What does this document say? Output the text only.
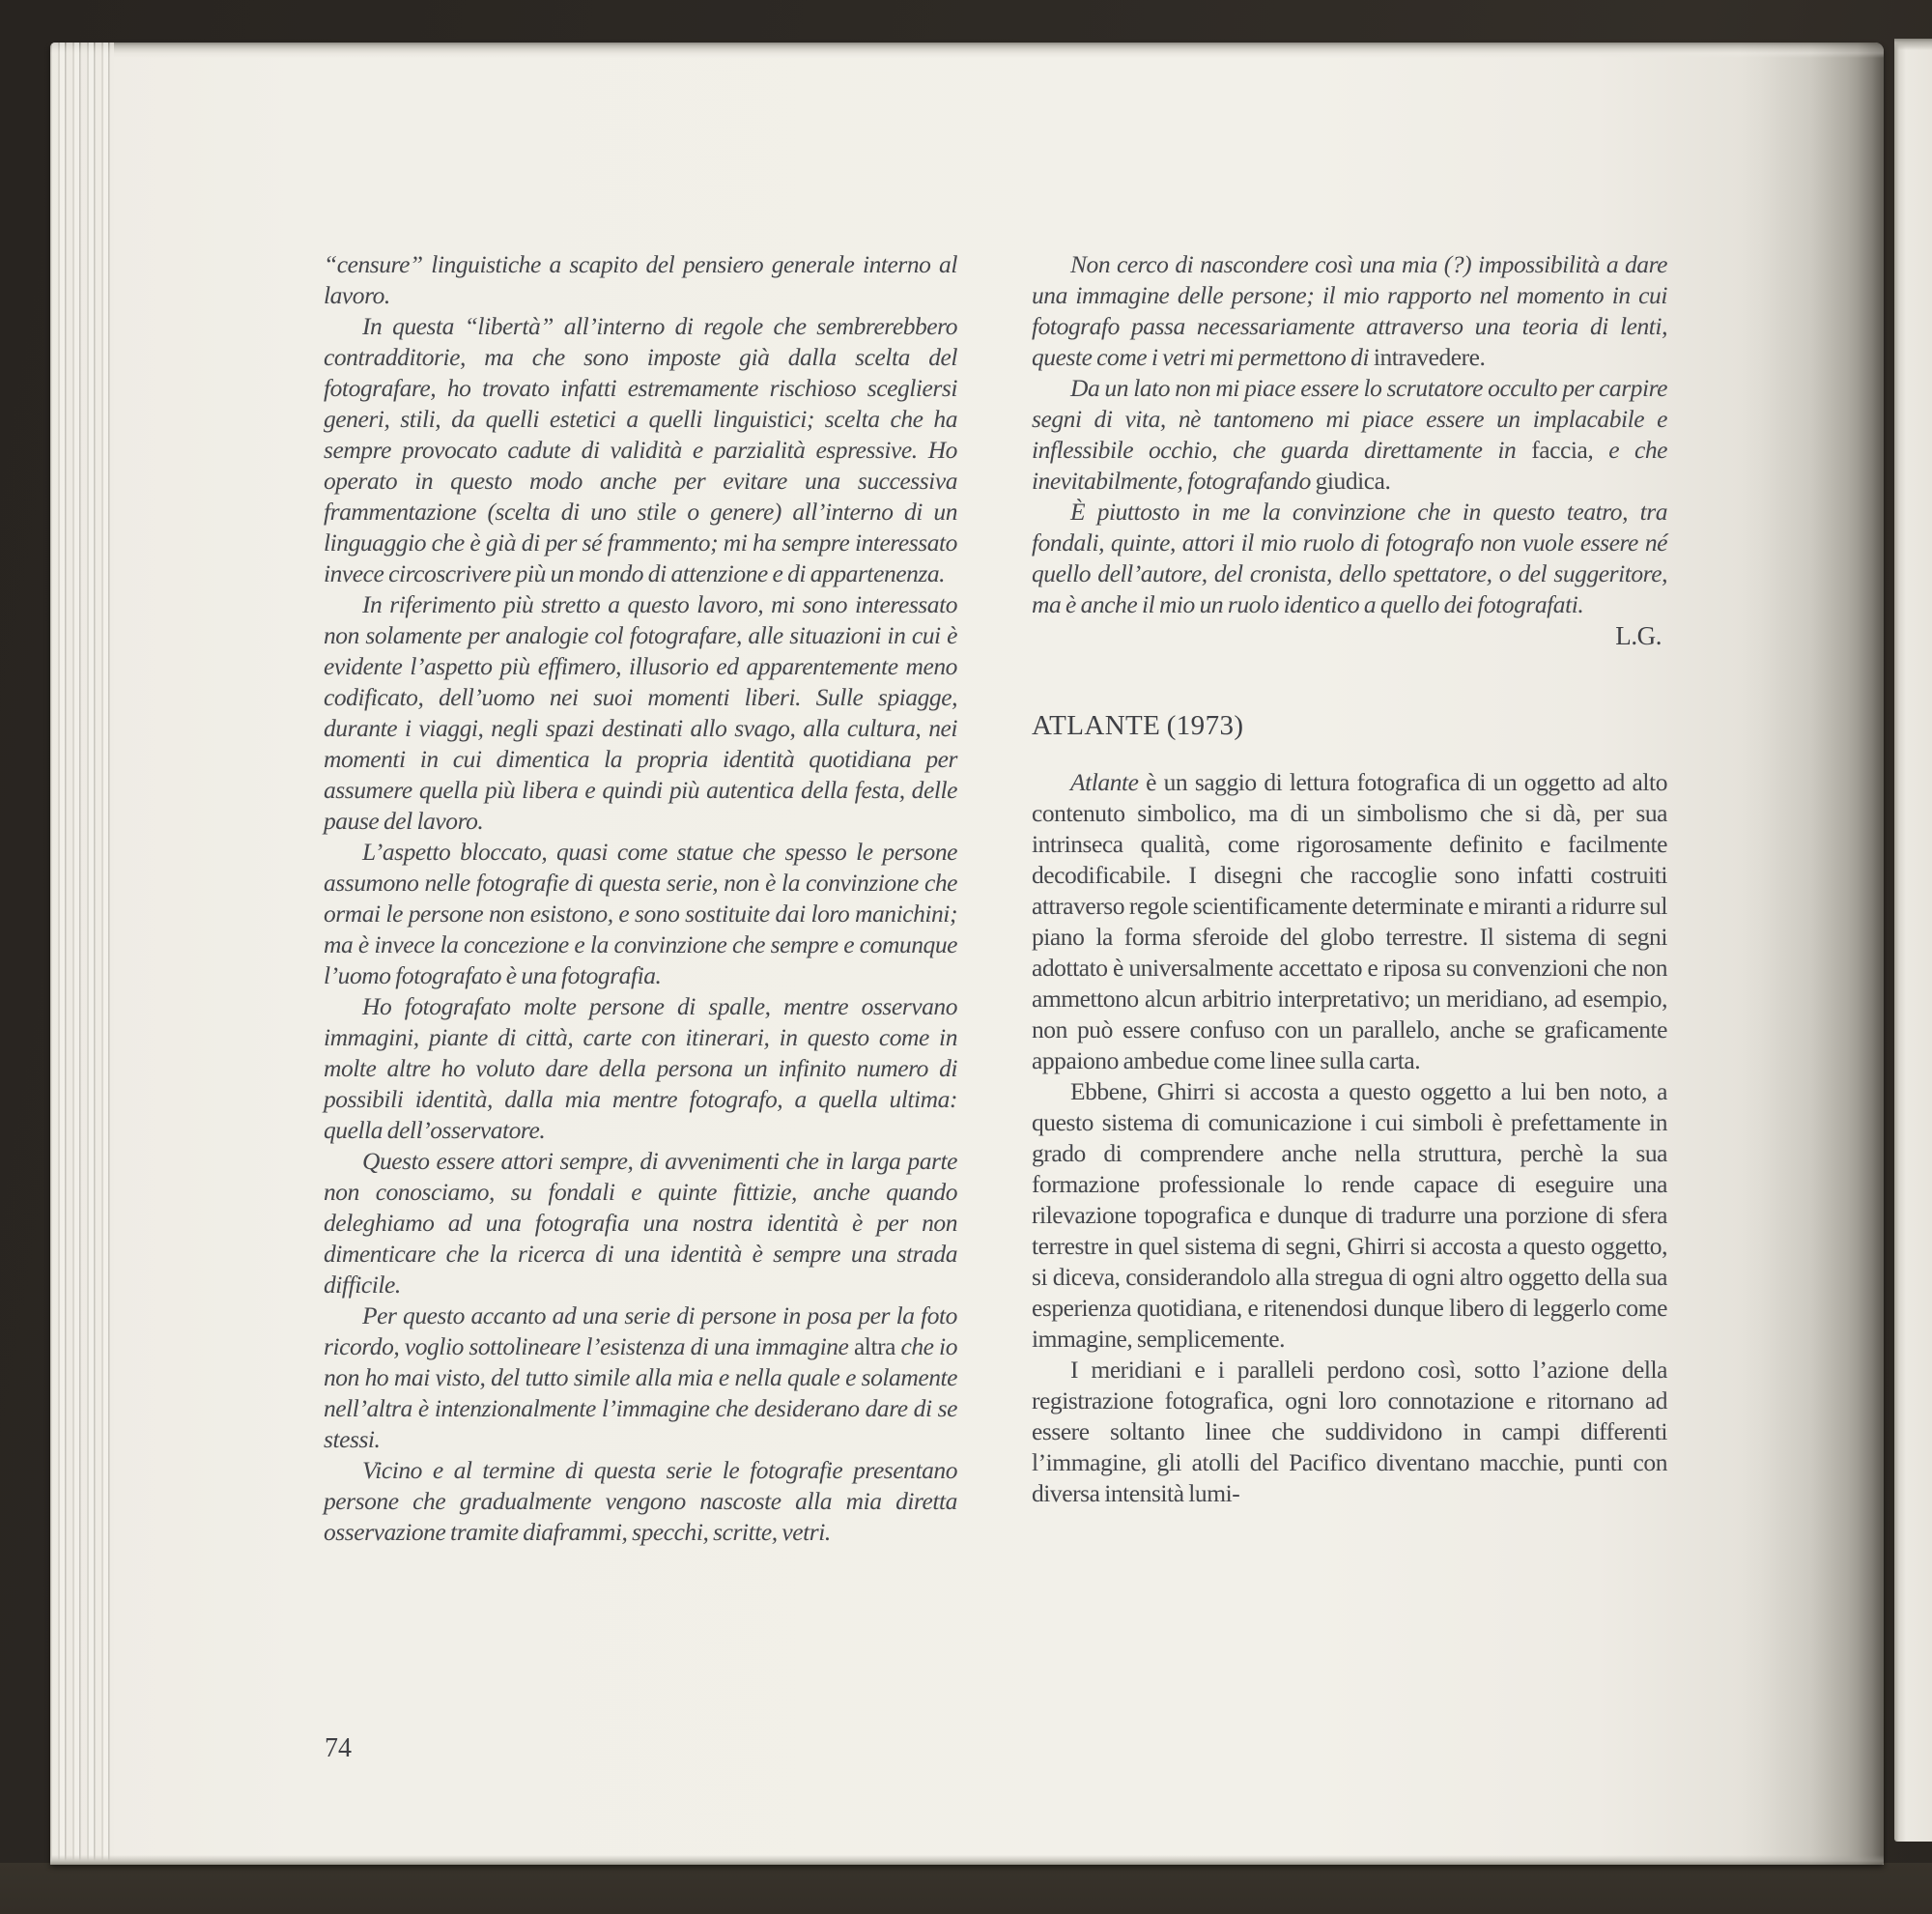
“censure” linguistiche a scapito del pensiero generale interno al lavoro.

In questa “libertà” all’interno di regole che sembrerebbero contradditorie, ma che sono imposte già dalla scelta del fotografare, ho trovato infatti estremamente rischioso scegliersi generi, stili, da quelli estetici a quelli linguistici; scelta che ha sempre provocato cadute di validità e parzialità espressive. Ho operato in questo modo anche per evitare una successiva frammentazione (scelta di uno stile o genere) all’interno di un linguaggio che è già di per sé frammento; mi ha sempre interessato invece circoscrivere più un mondo di attenzione e di appartenenza.

In riferimento più stretto a questo lavoro, mi sono interessato non solamente per analogie col fotografare, alle situazioni in cui è evidente l’aspetto più effimero, illusorio ed apparentemente meno codificato, dell’uomo nei suoi momenti liberi. Sulle spiagge, durante i viaggi, negli spazi destinati allo svago, alla cultura, nei momenti in cui dimentica la propria identità quotidiana per assumere quella più libera e quindi più autentica della festa, delle pause del lavoro.

L’aspetto bloccato, quasi come statue che spesso le persone assumono nelle fotografie di questa serie, non è la convinzione che ormai le persone non esistono, e sono sostituite dai loro manichini; ma è invece la concezione e la convinzione che sempre e comunque l’uomo fotografato è una fotografia.

Ho fotografato molte persone di spalle, mentre osservano immagini, piante di città, carte con itinerari, in questo come in molte altre ho voluto dare della persona un infinito numero di possibili identità, dalla mia mentre fotografo, a quella ultima: quella dell’osservatore.

Questo essere attori sempre, di avvenimenti che in larga parte non conosciamo, su fondali e quinte fittizie, anche quando deleghiamo ad una fotografia una nostra identità è per non dimenticare che la ricerca di una identità è sempre una strada difficile.

Per questo accanto ad una serie di persone in posa per la foto ricordo, voglio sottolineare l’esistenza di una immagine altra che io non ho mai visto, del tutto simile alla mia e nella quale e solamente nell’altra è intenzionalmente l’immagine che desiderano dare di se stessi.

Vicino e al termine di questa serie le fotografie presentano persone che gradualmente vengono nascoste alla mia diretta osservazione tramite diaframmi, specchi, scritte, vetri.

Non cerco di nascondere così una mia (?) impossibilità a dare una immagine delle persone; il mio rapporto nel momento in cui fotografo passa necessariamente attraverso una teoria di lenti, queste come i vetri mi permettono di intravedere.

Da un lato non mi piace essere lo scrutatore occulto per carpire segni di vita, nè tantomeno mi piace essere un implacabile e inflessibile occhio, che guarda direttamente in faccia, e che inevitabilmente, fotografando giudica.

È piuttosto in me la convinzione che in questo teatro, tra fondali, quinte, attori il mio ruolo di fotografo non vuole essere né quello dell’autore, del cronista, dello spettatore, o del suggeritore, ma è anche il mio un ruolo identico a quello dei fotografati.

L.G.
ATLANTE (1973)

Atlante è un saggio di lettura fotografica di un oggetto ad alto contenuto simbolico, ma di un simbolismo che si dà, per sua intrinseca qualità, come rigorosamente definito e facilmente decodificabile. I disegni che raccoglie sono infatti costruiti attraverso regole scientificamente determinate e miranti a ridurre sul piano la forma sferoide del globo terrestre. Il sistema di segni adottato è universalmente accettato e riposa su convenzioni che non ammettono alcun arbitrio interpretativo; un meridiano, ad esempio, non può essere confuso con un parallelo, anche se graficamente appaiono ambedue come linee sulla carta.

Ebbene, Ghirri si accosta a questo oggetto a lui ben noto, a questo sistema di comunicazione i cui simboli è prefettamente in grado di comprendere anche nella struttura, perchè la sua formazione professionale lo rende capace di eseguire una rilevazione topografica e dunque di tradurre una porzione di sfera terrestre in quel sistema di segni, Ghirri si accosta a questo oggetto, si diceva, considerandolo alla stregua di ogni altro oggetto della sua esperienza quotidiana, e ritenendosi dunque libero di leggerlo come immagine, semplicemente.

I meridiani e i paralleli perdono così, sotto l’azione della registrazione fotografica, ogni loro connotazione e ritornano ad essere soltanto linee che suddividono in campi differenti l’immagine, gli atolli del Pacifico diventano macchie, punti con diversa intensità lumi-

74
